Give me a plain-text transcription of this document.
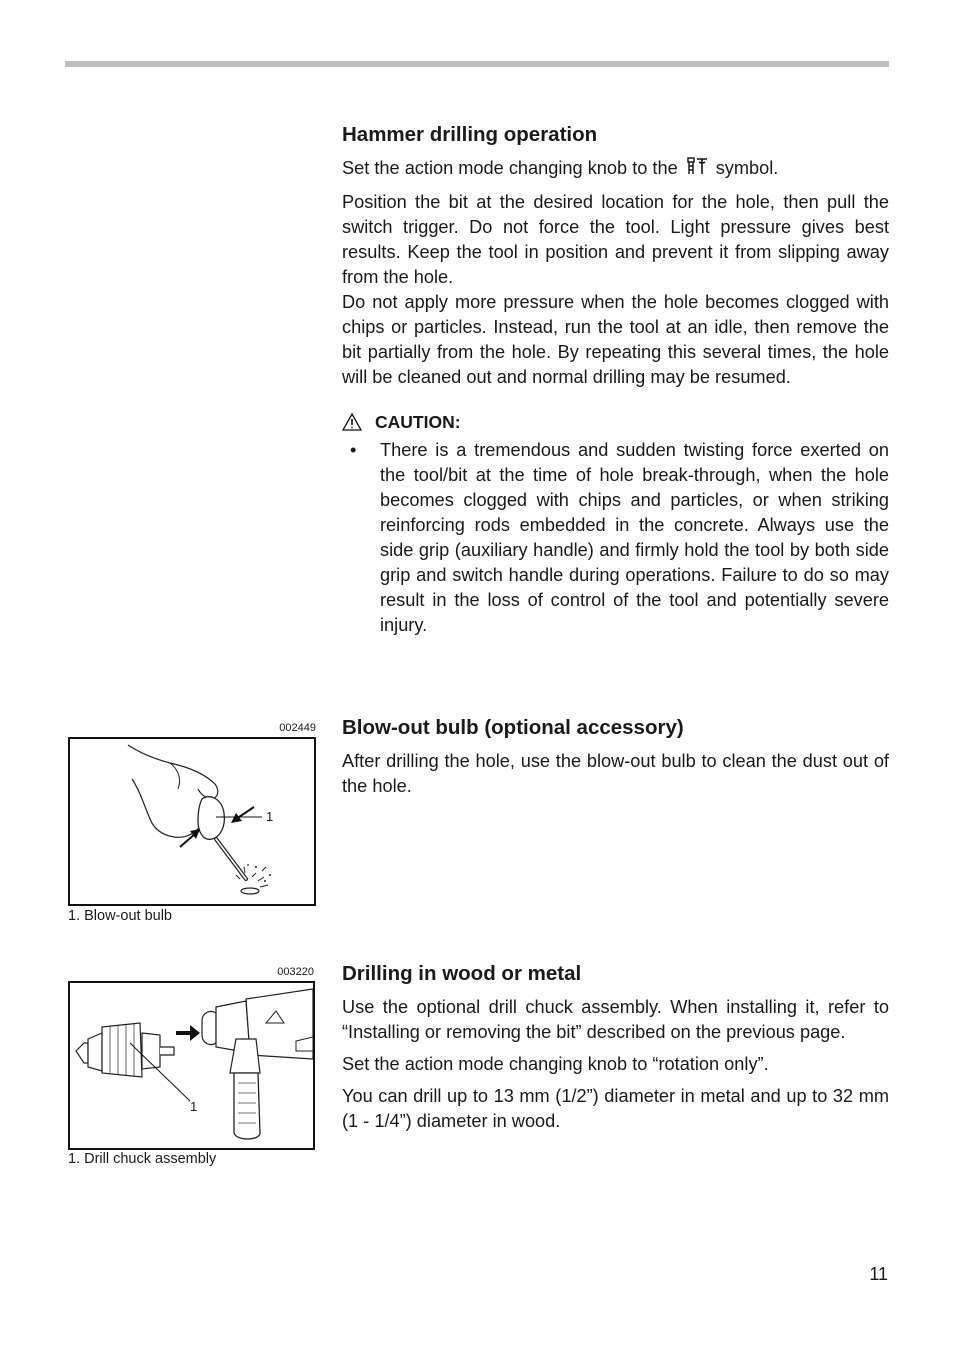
Hammer drilling operation

Set the action mode changing knob to the symbol.

Position the bit at the desired location for the hole, then pull the switch trigger. Do not force the tool. Light pressure gives best results. Keep the tool in position and prevent it from slipping away from the hole.

Do not apply more pressure when the hole becomes clogged with chips or particles. Instead, run the tool at an idle, then remove the bit partially from the hole. By repeating this several times, the hole will be cleaned out and normal drilling may be resumed.

CAUTION:
•	There is a tremendous and sudden twisting force exerted on the tool/bit at the time of hole break-through, when the hole becomes clogged with chips and particles, or when striking reinforcing rods embedded in the concrete. Always use the side grip (auxiliary handle) and firmly hold the tool by both side grip and switch handle during operations. Failure to do so may result in the loss of control of the tool and potentially severe injury.

002449
1
1. Blow-out bulb
Blow-out bulb (optional accessory)

After drilling the hole, use the blow-out bulb to clean the dust out of the hole.

003220
1
1. Drill chuck assembly
Drilling in wood or metal

Use the optional drill chuck assembly. When installing it, refer to “Installing or removing the bit” described on the previous page.

Set the action mode changing knob to “rotation only”.

You can drill up to 13 mm (1/2”) diameter in metal and up to 32 mm (1 - 1/4”) diameter in wood.

11
